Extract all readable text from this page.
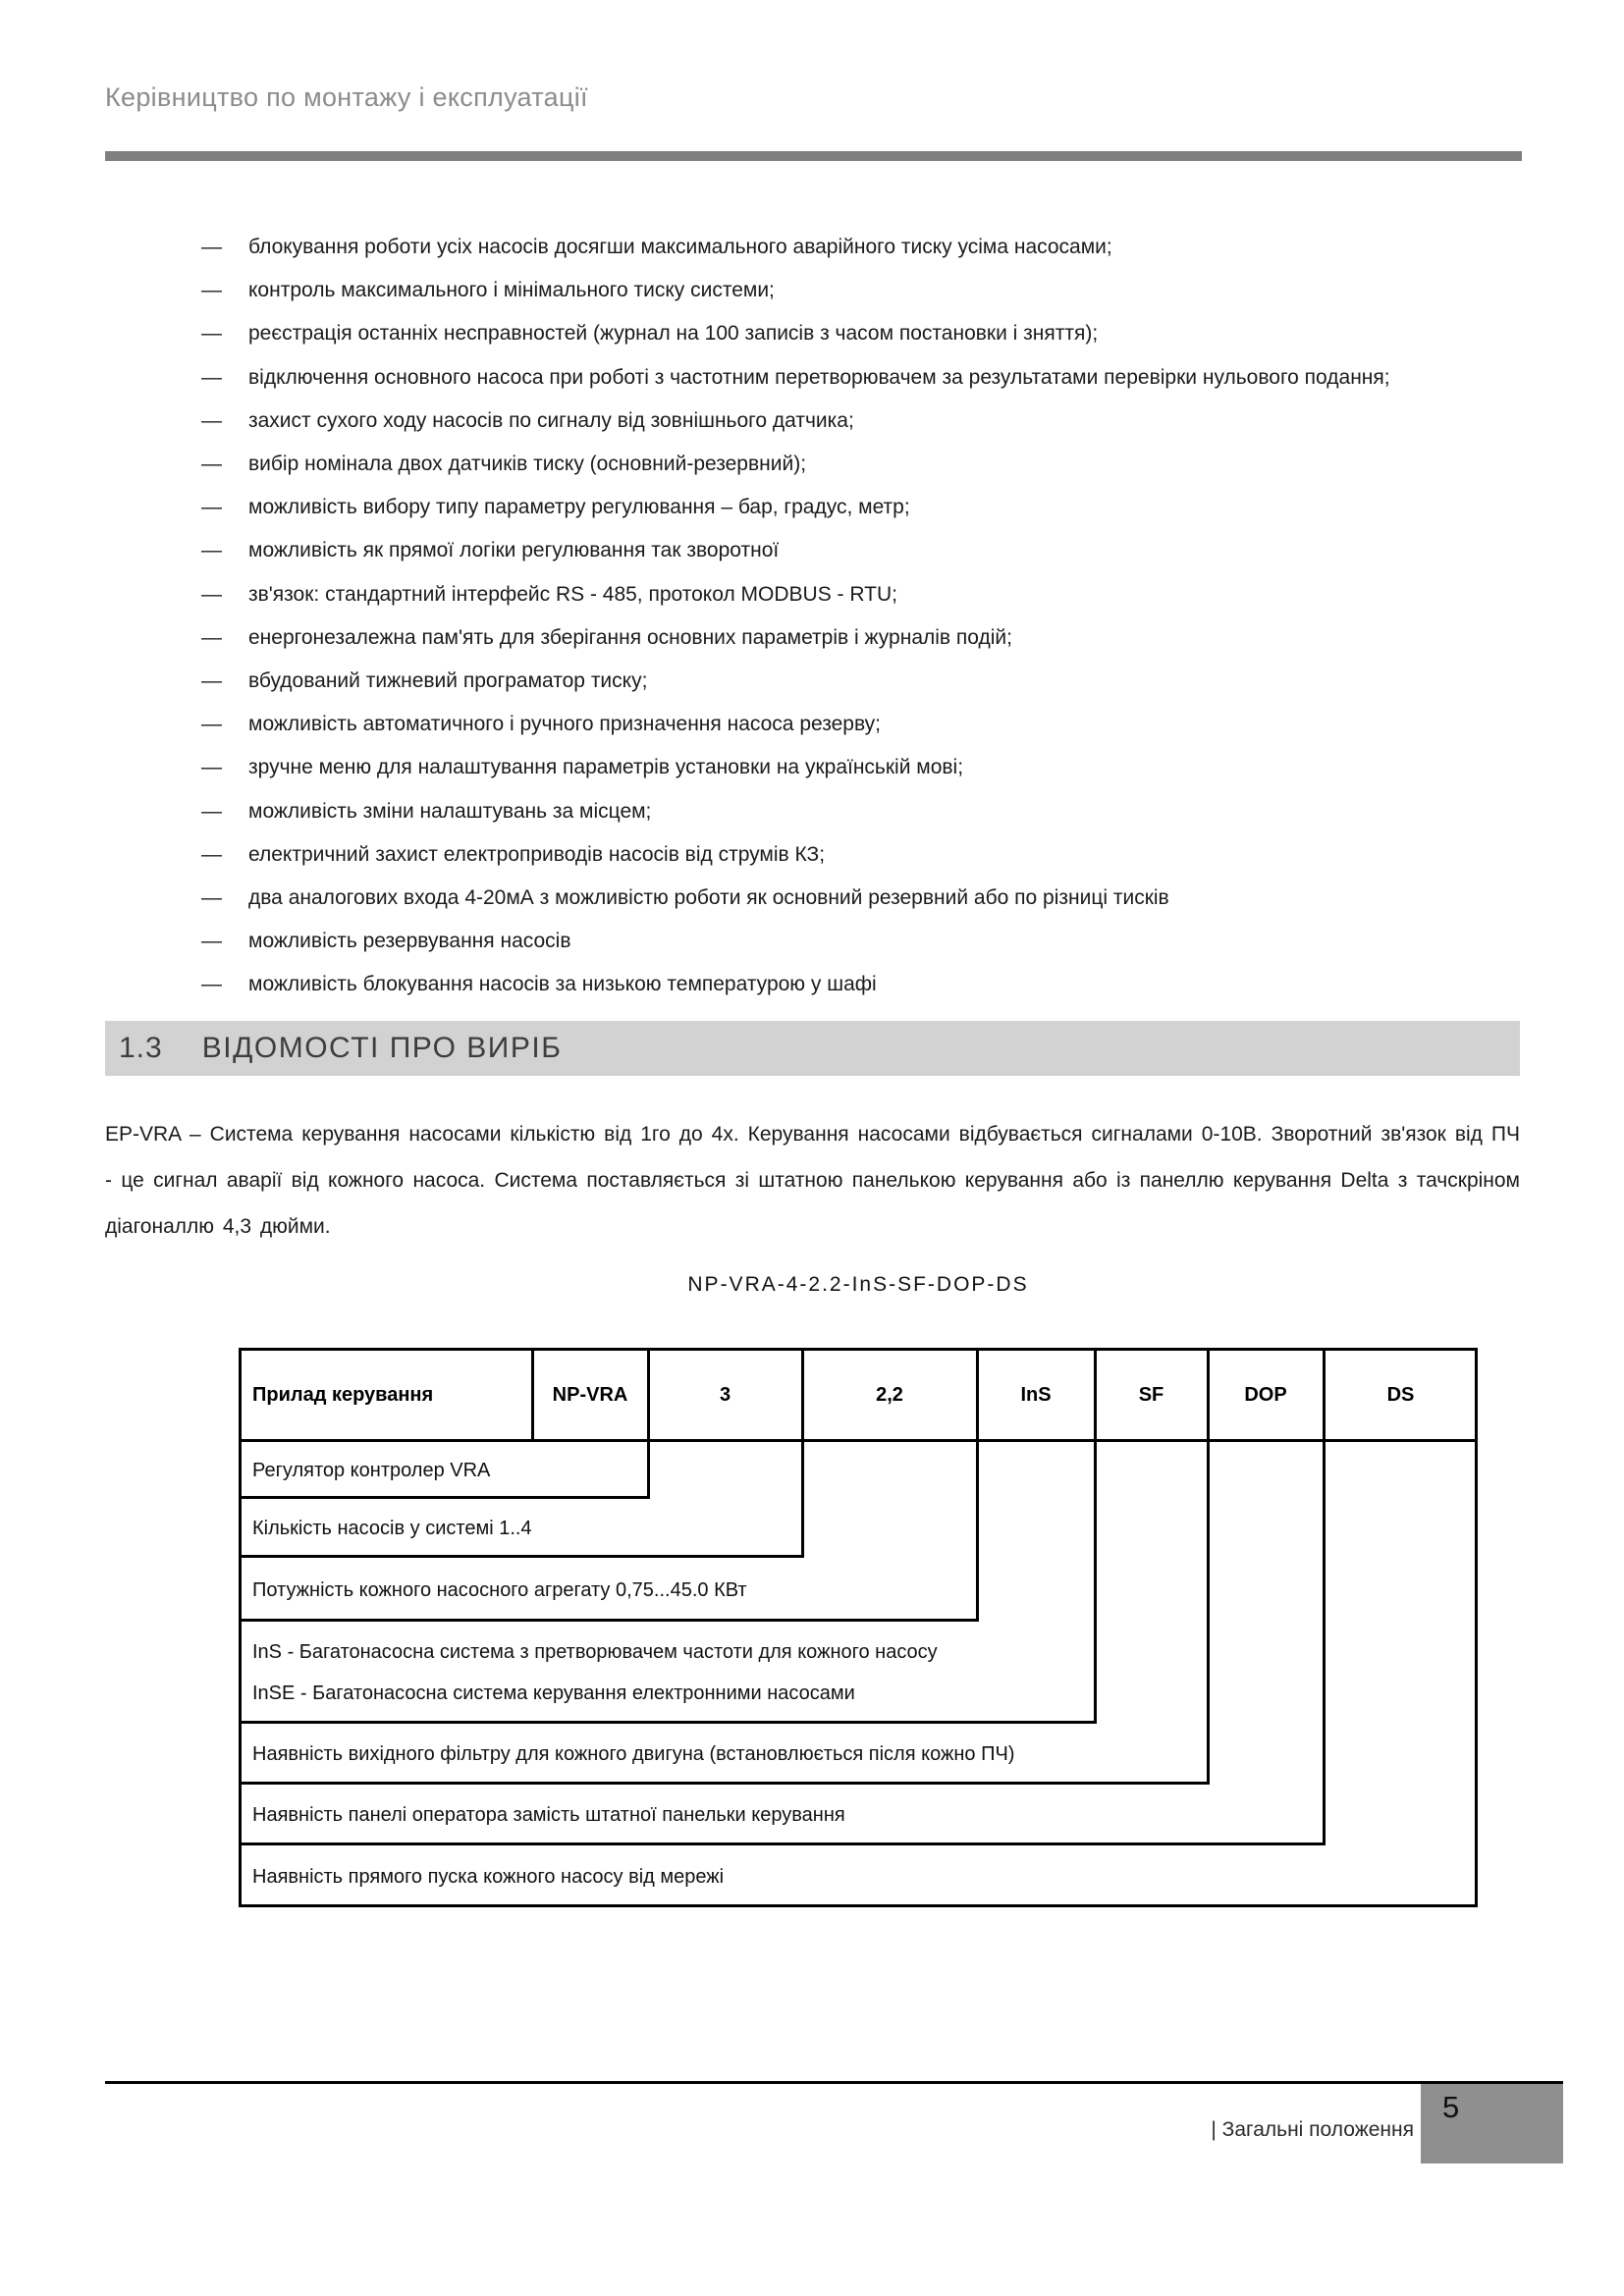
Керівництво по монтажу і експлуатації
—	блокування роботи усіх насосів досягши максимального аварійного тиску усіма насосами;
—	контроль максимального і мінімального тиску системи;
—	реєстрація останніх несправностей (журнал на 100 записів з часом постановки і зняття);
—	відключення основного насоса при роботі з частотним перетворювачем за результатами перевірки нульового подання;
—	захист сухого ходу насосів по сигналу від зовнішнього датчика;
—	вибір номінала двох датчиків тиску (основний-резервний);
—	можливість вибору типу параметру регулювання – бар, градус, метр;
—	можливість як прямої логіки регулювання так зворотної
—	зв'язок: стандартний інтерфейс RS - 485, протокол MODBUS - RTU;
—	енергонезалежна пам'ять для зберігання основних параметрів і журналів подій;
—	вбудований тижневий програматор тиску;
—	можливість автоматичного і ручного призначення насоса резерву;
—	зручне меню для налаштування параметрів установки на українській мові;
—	можливість зміни налаштувань за місцем;
—	електричний захист електроприводів насосів від струмів КЗ;
—	два аналогових входа 4-20мА з можливістю роботи як основний резервний або по різниці тисків
—	можливість резервування насосів
—	можливість блокування насосів за низькою температурою у шафі
1.3 ВІДОМОСТІ ПРО ВИРІБ
EP-VRA – Система керування насосами кількістю від 1го до 4х. Керування насосами відбувається сигналами 0-10В. Зворотний зв'язок від ПЧ - це сигнал аварії від кожного насоса. Система поставляється зі штатною панелькою керування або із панеллю керування Delta з тачскріном діагоналлю 4,3 дюйми.
NP-VRA-4-2.2-InS-SF-DOP-DS
Прилад керування	NP-VRA	3	2,2	InS	SF	DOP	DS
Регулятор контролер VRA
Кількість насосів у системі 1..4
Потужність кожного насосного агрегату 0,75...45.0 КВт
InS - Багатонасосна система з претворювачем частоти для кожного насосу
InSE - Багатонасосна система керування електронними насосами
Наявність вихідного фільтру для кожного двигуна (встановлюється після кожно ПЧ)
Наявність панелі оператора замість штатної панельки керування
Наявність прямого пуска кожного насосу від мережі
| Загальні положення
5
